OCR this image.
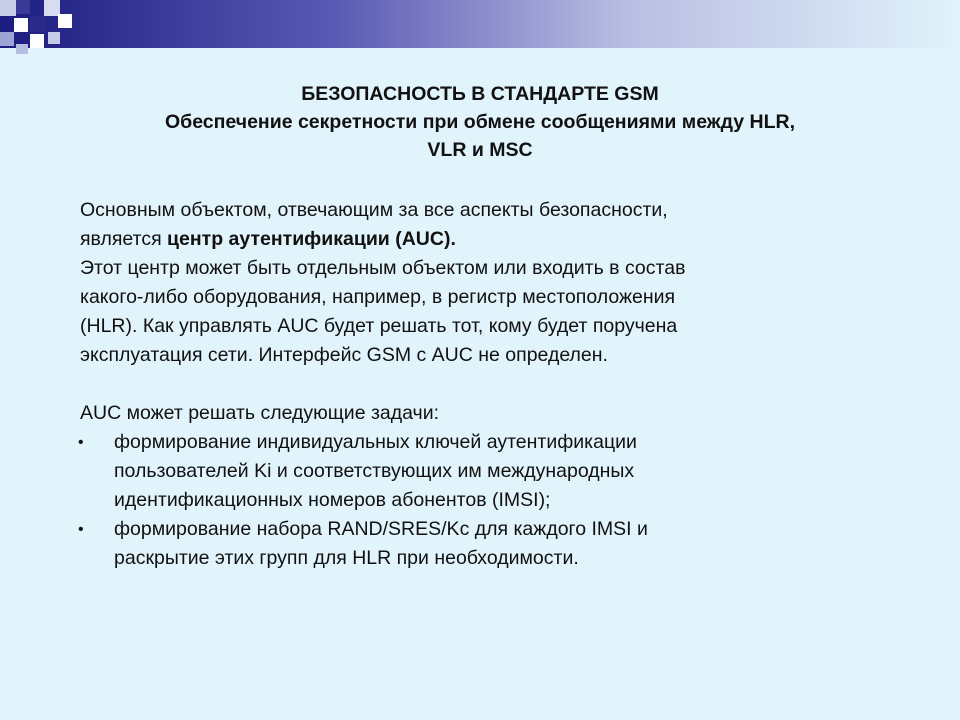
БЕЗОПАСНОСТЬ В СТАНДАРТЕ GSM
Обеспечение секретности при обмене сообщениями между HLR,
VLR и MSC
Основным объектом, отвечающим за все аспекты безопасности,
является центр аутентификации (AUC).
Этот центр может быть отдельным объектом или входить в состав
какого-либо оборудования, например, в регистр местоположения
(HLR). Как управлять AUC будет решать тот, кому будет поручена
эксплуатация сети. Интерфейс GSM с AUC не определен.
AUC может решать следующие задачи:
• формирование индивидуальных ключей аутентификации
пользователей Ki и соответствующих им международных
идентификационных номеров абонентов (IMSI);
• формирование набора RAND/SRES/Kc для каждого IMSI и
раскрытие этих групп для HLR при необходимости.
